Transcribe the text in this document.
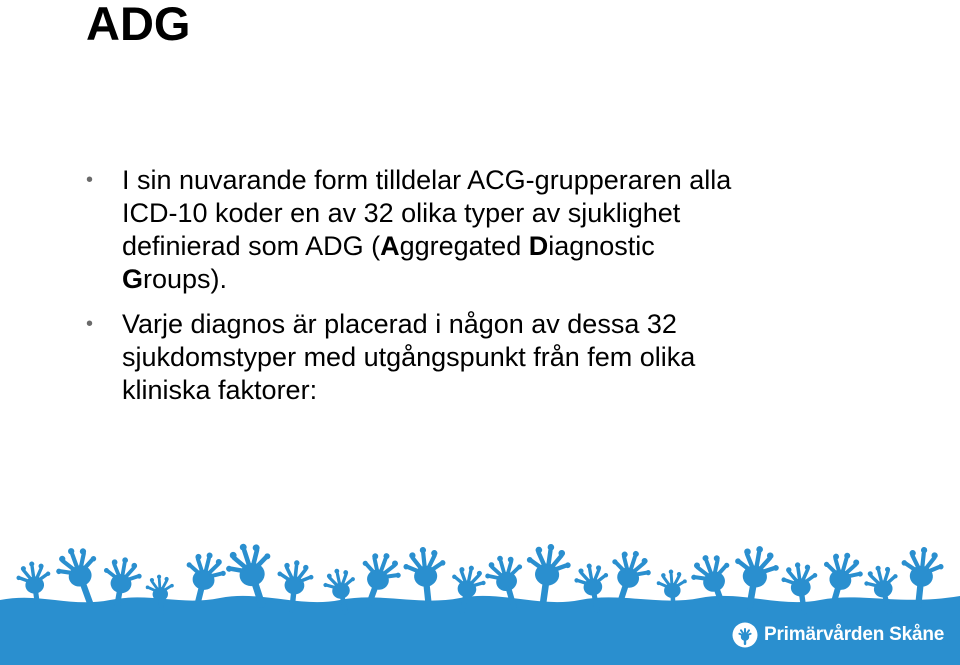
ADG
• I sin nuvarande form tilldelar ACG-grupperaren alla
ICD-10 koder en av 32 olika typer av sjuklighet
definierad som ADG (Aggregated Diagnostic
Groups).
• Varje diagnos är placerad i någon av dessa 32
sjukdomstyper med utgångspunkt från fem olika
kliniska faktorer:
Primärvården Skåne
